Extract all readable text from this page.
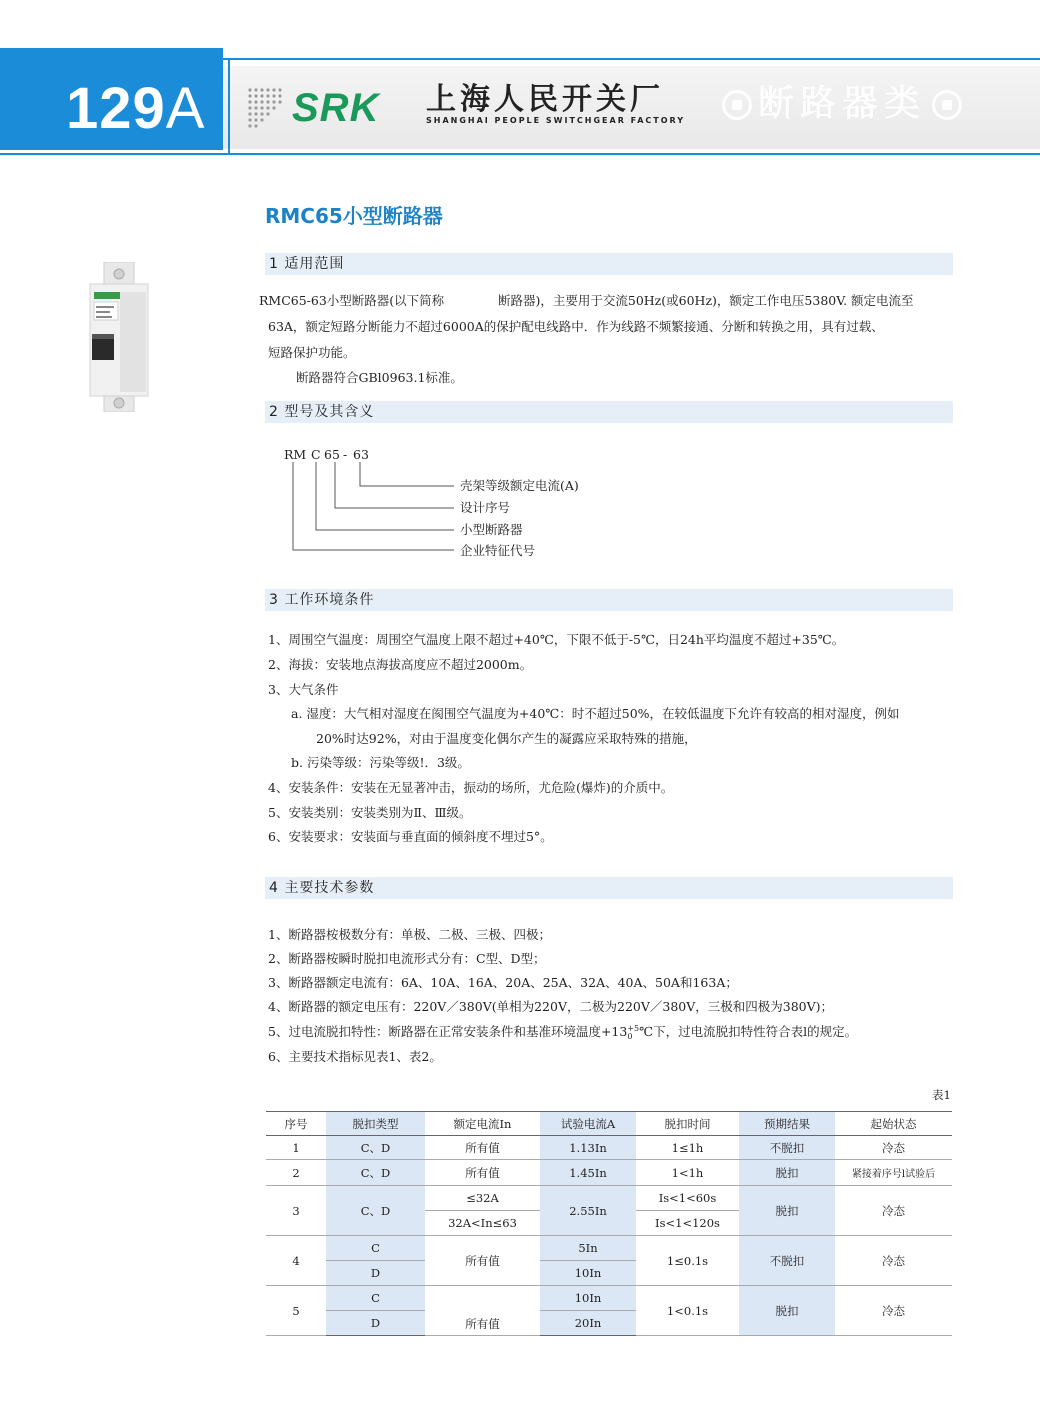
129A SRK 上海人民开关厂
SHANGHAI PEOPLE SWITCHGEAR FACTORY	断路器类
RMC65小型断路器
1 适用范围
RMC65-63小型断路器(以下简称	断路器)，主要用于交流50Hz(或60Hz)，额定工作电压5380V. 额定电流至
63A，额定短路分断能力不超过6000A的保护配电线路中．作为线路不频繁接通、分断和转换之用，具有过载、
短路保护功能。
断路器符合GBl0963.1标准。
2 型号及其含义
RM C 65 - 63
壳架等级额定电流(A)
设计序号
小型断路器
企业特征代号
3 工作环境条件
1、周围空气温度：周围空气温度上限不超过+40℃，下限不低于-5℃，日24h平均温度不超过+35℃。
2、海拔：安装地点海拔高度应不超过2000m。
3、大气条件
a. 湿度：大气相对湿度在阂围空气温度为+40℃：时不超过50%，在较低温度下允许有较高的相对湿度，例如
20%时达92%，对由于温度变化偶尔产生的凝露应采取特殊的措施，
b. 污染等级：污染等级!．3级。
4、安装条件：安装在无显著冲击，振动的场所，尤危险(爆炸)的介质中。
5、安装类别：安装类别为Ⅱ、Ⅲ级。
6、安装要求：安装面与垂直面的倾斜度不埋过5°。
4 主要技术参数
1、断路器桉极数分有：单极、二极、三极、四极；
2、断路器桉瞬时脱扣电流形式分有：C型、D型；
3、断路器额定电流有：6A、10A、16A、20A、25A、32A、40A、50A和163A；
4、断路器的额定电压有：220V／380V(单相为220V，二极为220V／380V，三极和四极为380V)；
5、过电流脱扣特性：断路器在正常安装条件和基准环境温度+13 +5
0 ℃下，过电流脱扣特性符合表l的规定。
6、主要技术指标见表1、表2。
表1
序号	脱扣类型	额定电流In	试验电流A	脱扣时间	预期结果	起始状态
1	C、D	所有值	1.13In	1≤1h	不脱扣	冷态
2	C、D	所有值	1.45In	1<1h	脱扣	紧接着序号l试验后
3	C、D	≤32A	2.55In	Is<1<60s	脱扣	冷态
		32A<In≤63		Is<1<120s		
4	C	所有值	5In	1≤0.1s	不脱扣	冷态
	D		10In			
5	C	所有值	10In	1<0.1s	脱扣	冷态
	D		20In			
